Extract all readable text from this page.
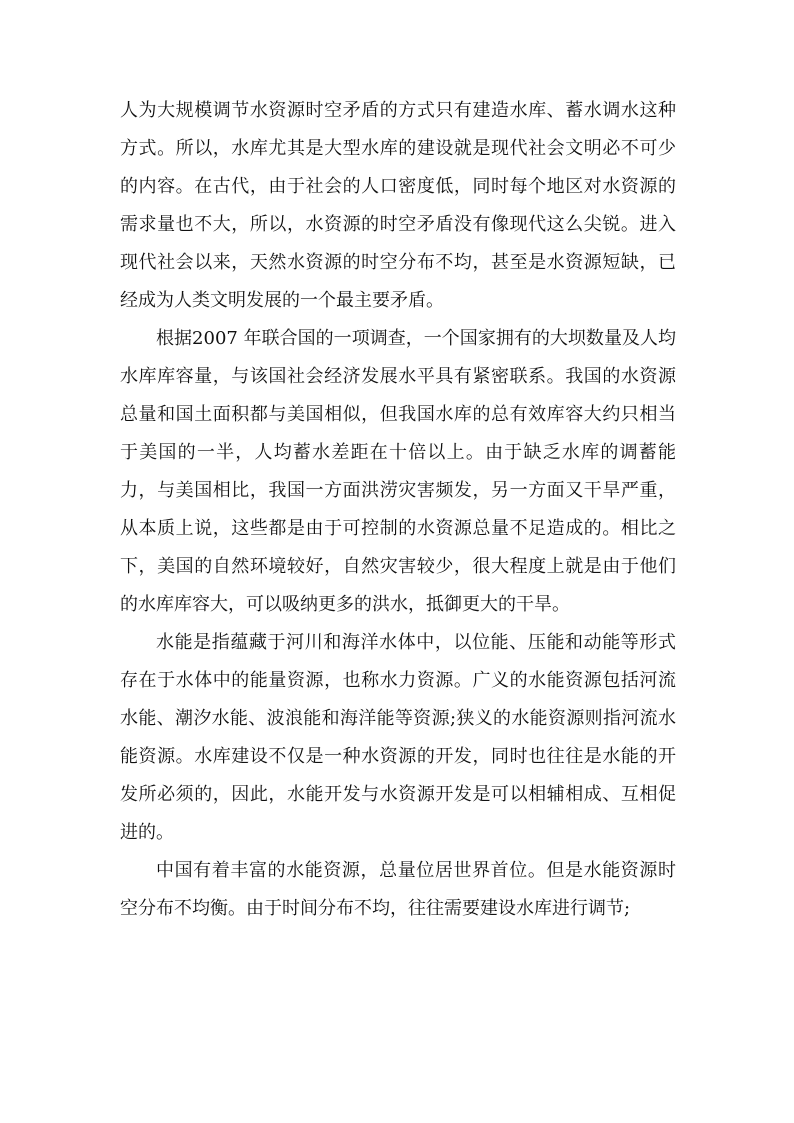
人为大规模调节水资源时空矛盾的方式只有建造水库、蓄水调水这种方式。所以，水库尤其是大型水库的建设就是现代社会文明必不可少的内容。在古代，由于社会的人口密度低，同时每个地区对水资源的需求量也不大，所以，水资源的时空矛盾没有像现代这么尖锐。进入现代社会以来，天然水资源的时空分布不均，甚至是水资源短缺，已经成为人类文明发展的一个最主要矛盾。

根据2007 年联合国的一项调查，一个国家拥有的大坝数量及人均水库库容量，与该国社会经济发展水平具有紧密联系。我国的水资源总量和国土面积都与美国相似，但我国水库的总有效库容大约只相当于美国的一半，人均蓄水差距在十倍以上。由于缺乏水库的调蓄能力，与美国相比，我国一方面洪涝灾害频发，另一方面又干旱严重，从本质上说，这些都是由于可控制的水资源总量不足造成的。相比之下，美国的自然环境较好，自然灾害较少，很大程度上就是由于他们的水库库容大，可以吸纳更多的洪水，抵御更大的干旱。

水能是指蕴藏于河川和海洋水体中，以位能、压能和动能等形式存在于水体中的能量资源，也称水力资源。广义的水能资源包括河流水能、潮汐水能、波浪能和海洋能等资源;狭义的水能资源则指河流水能资源。水库建设不仅是一种水资源的开发，同时也往往是水能的开发所必须的，因此，水能开发与水资源开发是可以相辅相成、互相促进的。

中国有着丰富的水能资源，总量位居世界首位。但是水能资源时空分布不均衡。由于时间分布不均，往往需要建设水库进行调节;
